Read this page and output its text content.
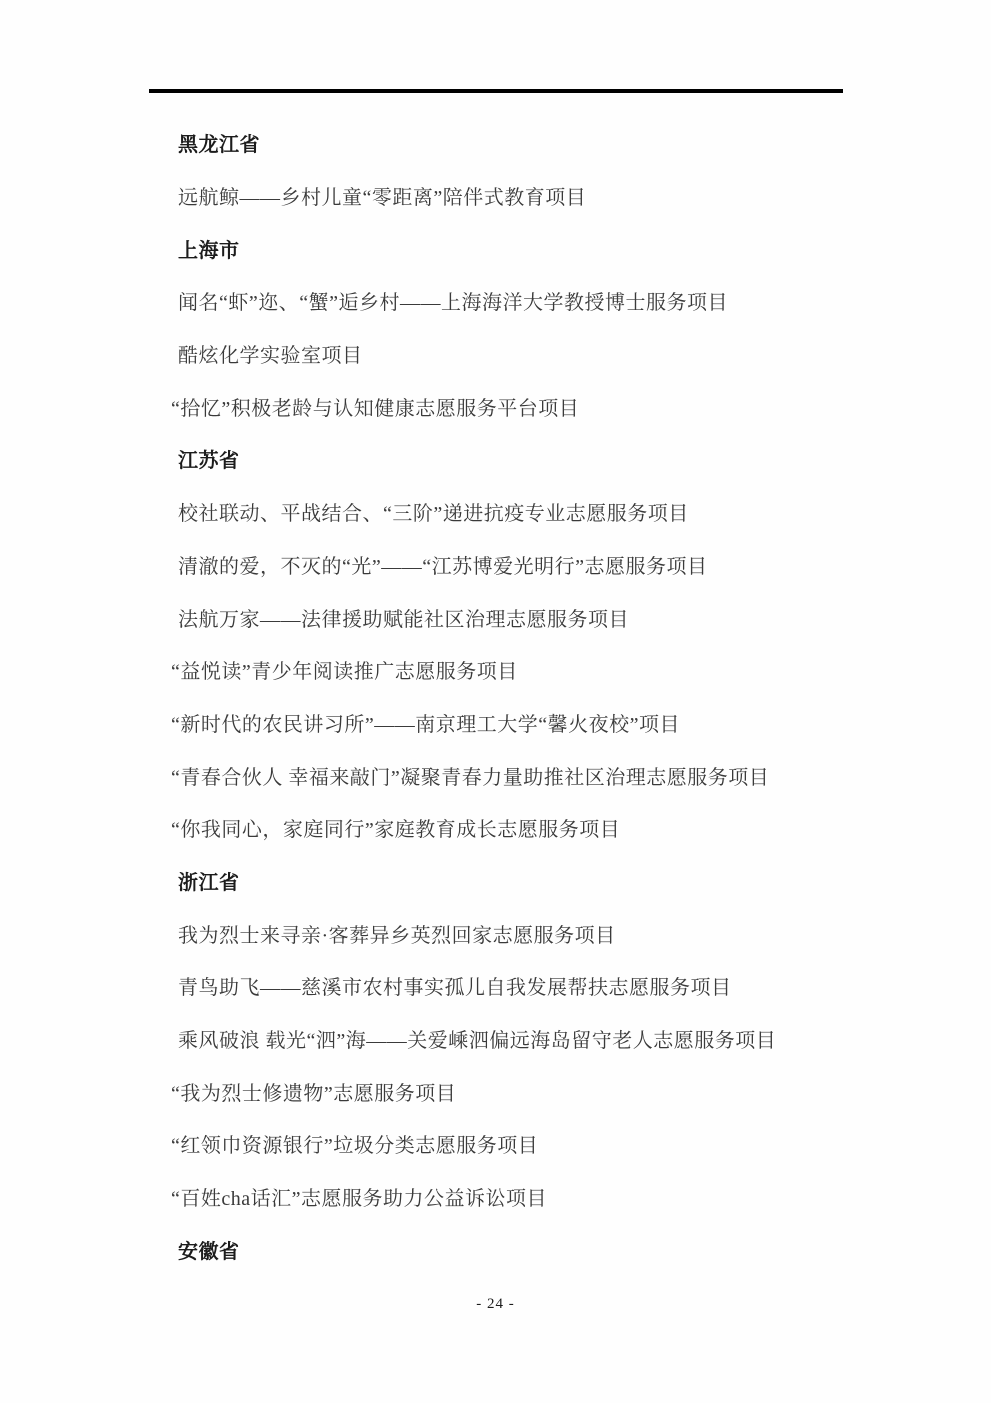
黑龙江省
远航鲸——乡村儿童“零距离”陪伴式教育项目
上海市
闻名“虾”迩、“蟹”逅乡村——上海海洋大学教授博士服务项目
酷炫化学实验室项目
“拾忆”积极老龄与认知健康志愿服务平台项目
江苏省
校社联动、平战结合、“三阶”递进抗疫专业志愿服务项目
清澈的爱，不灭的“光”——“江苏博爱光明行”志愿服务项目
法航万家——法律援助赋能社区治理志愿服务项目
“益悦读”青少年阅读推广志愿服务项目
“新时代的农民讲习所”——南京理工大学“馨火夜校”项目
“青春合伙人 幸福来敲门”凝聚青春力量助推社区治理志愿服务项目
“你我同心，家庭同行”家庭教育成长志愿服务项目
浙江省
我为烈士来寻亲·客葬异乡英烈回家志愿服务项目
青鸟助飞——慈溪市农村事实孤儿自我发展帮扶志愿服务项目
乘风破浪 载光“泗”海——关爱嵊泗偏远海岛留守老人志愿服务项目
“我为烈士修遗物”志愿服务项目
“红领巾资源银行”垃圾分类志愿服务项目
“百姓cha话汇”志愿服务助力公益诉讼项目
安徽省
- 24 -
